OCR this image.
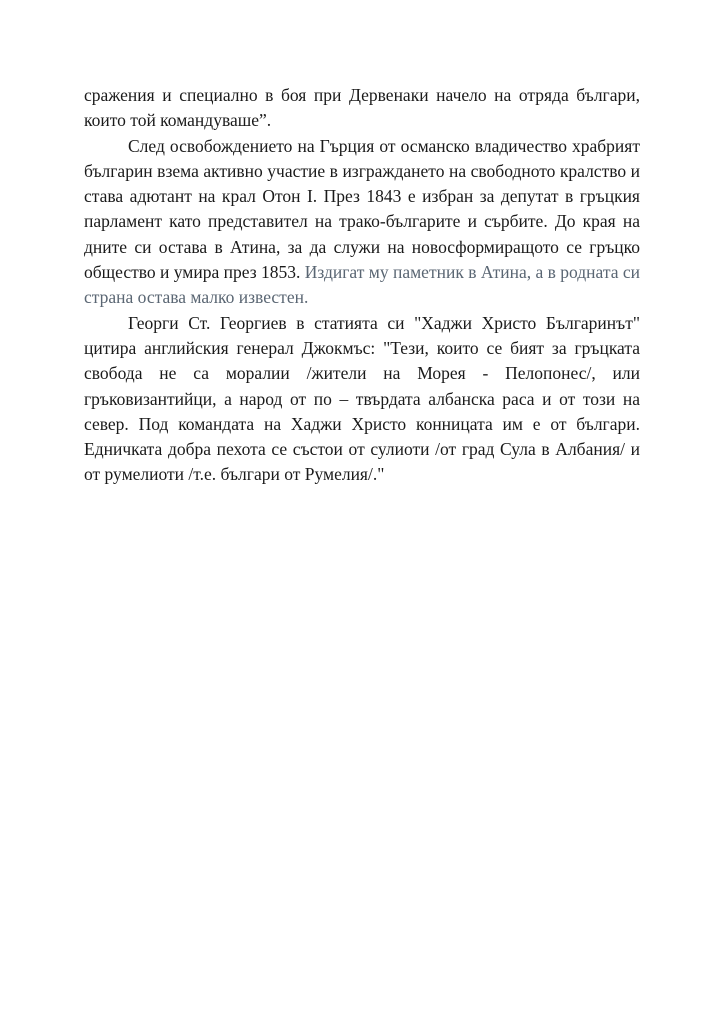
сражения и специално в боя при Дервенаки начело на отряда българи, които той командуваше”.

След освобождението на Гърция от османско владичество храбрият българин взема активно участие в изграждането на свободното кралство и става адютант на крал Отон I. През 1843 е избран за депутат в гръцкия парламент като представител на трако-българите и сърбите. До края на дните си остава в Атина, за да служи на новосформиращото се гръцко общество и умира през 1853. Издигат му паметник в Атина, а в родната си страна остава малко известен.

Георги Ст. Георгиев в статията си "Хаджи Христо Българинът" цитира английския генерал Джокмъс: "Тези, които се бият за гръцката свобода не са моралии /жители на Морея - Пелопонес/, или гръковизантийци, а народ от по – твърдата албанска раса и от този на север. Под командата на Хаджи Христо конницата им е от българи. Едничката добра пехота се състои от сулиоти /от град Сула в Албания/ и от румелиоти /т.е. българи от Румелия/."
